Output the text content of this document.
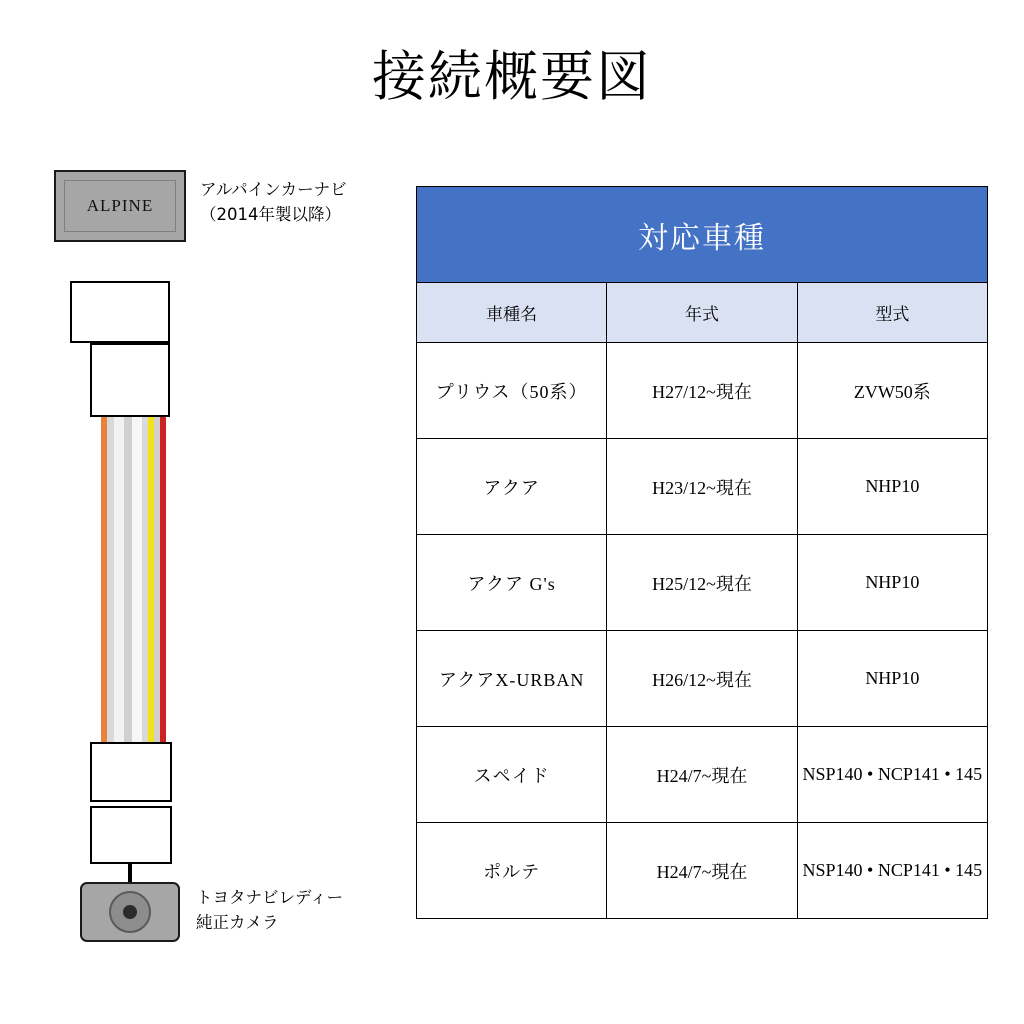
接続概要図
ALPINE
アルパインカーナビ
（2014年製以降）
トヨタナビレディー
純正カメラ
対応車種		
車種名	年式	型式
プリウス（50系）	H27/12~現在	ZVW50系
アクア	H23/12~現在	NHP10
アクア G's	H25/12~現在	NHP10
アクアX-URBAN	H26/12~現在	NHP10
スペイド	H24/7~現在	NSP140 • NCP141 • 145
ポルテ	H24/7~現在	NSP140 • NCP141 • 145
